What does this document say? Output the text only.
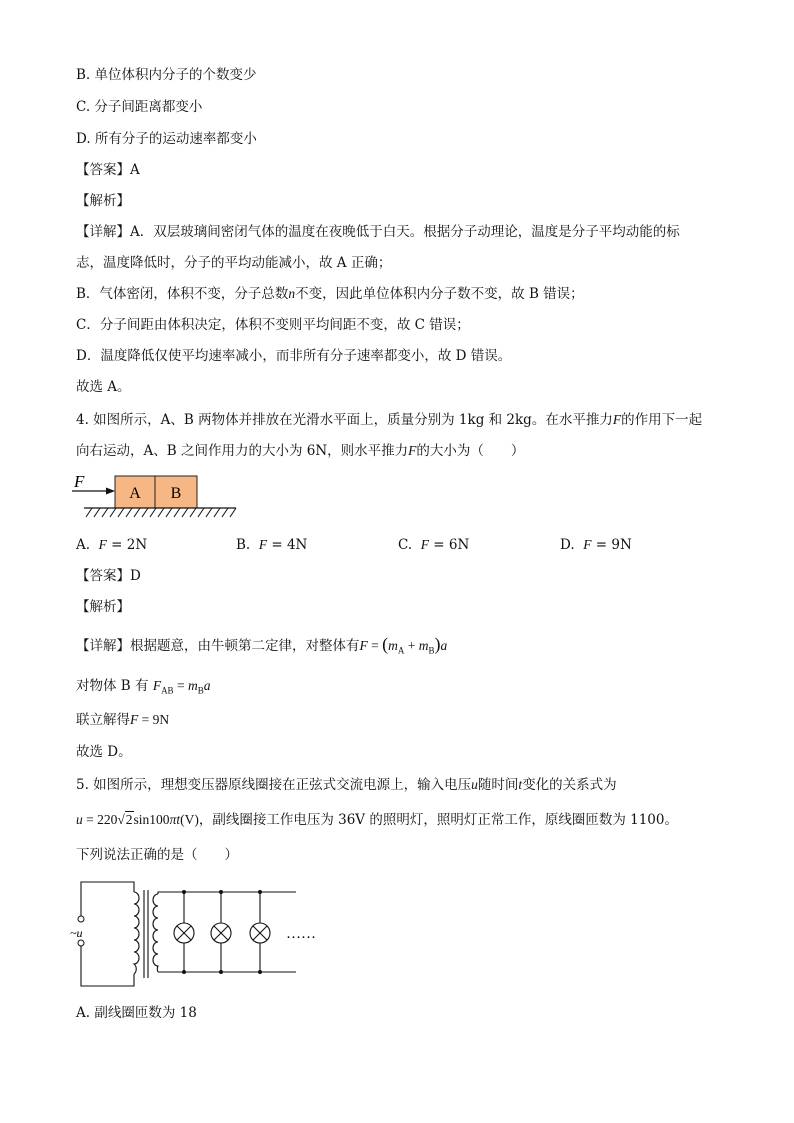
B. 单位体积内分子的个数变少
C. 分子间距离都变小
D. 所有分子的运动速率都变小
【答案】A
【解析】
【详解】A．双层玻璃间密闭气体的温度在夜晚低于白天。根据分子动理论，温度是分子平均动能的标
志，温度降低时，分子的平均动能减小，故 A 正确；
B．气体密闭，体积不变，分子总数n不变，因此单位体积内分子数不变，故 B 错误；
C．分子间距由体积决定，体积不变则平均间距不变，故 C 错误；
D．温度降低仅使平均速率减小，而非所有分子速率都变小，故 D 错误。
故选 A。
4. 如图所示，A、B 两物体并排放在光滑水平面上，质量分别为 1kg 和 2kg。在水平推力F的作用下一起
向右运动，A、B 之间作用力的大小为 6N，则水平推力F的大小为（　　）
F
A B
A. F = 2N	B. F = 4N	C. F = 6N	D. F = 9N
【答案】D
【解析】
【详解】根据题意，由牛顿第二定律，对整体有$F = (m_A + m_B)a$
对物体 B 有 $F_{AB} = m_Ba$
联立解得F = 9N
故选 D。
5. 如图所示，理想变压器原线圈接在正弦式交流电源上，输入电压u随时间t变化的关系式为
u = 220√2sin100πt(V)，副线圈接工作电压为 36V 的照明灯，照明灯正常工作，原线圈匝数为 1100。
下列说法正确的是（　　）
~u	……
A. 副线圈匝数为 18
